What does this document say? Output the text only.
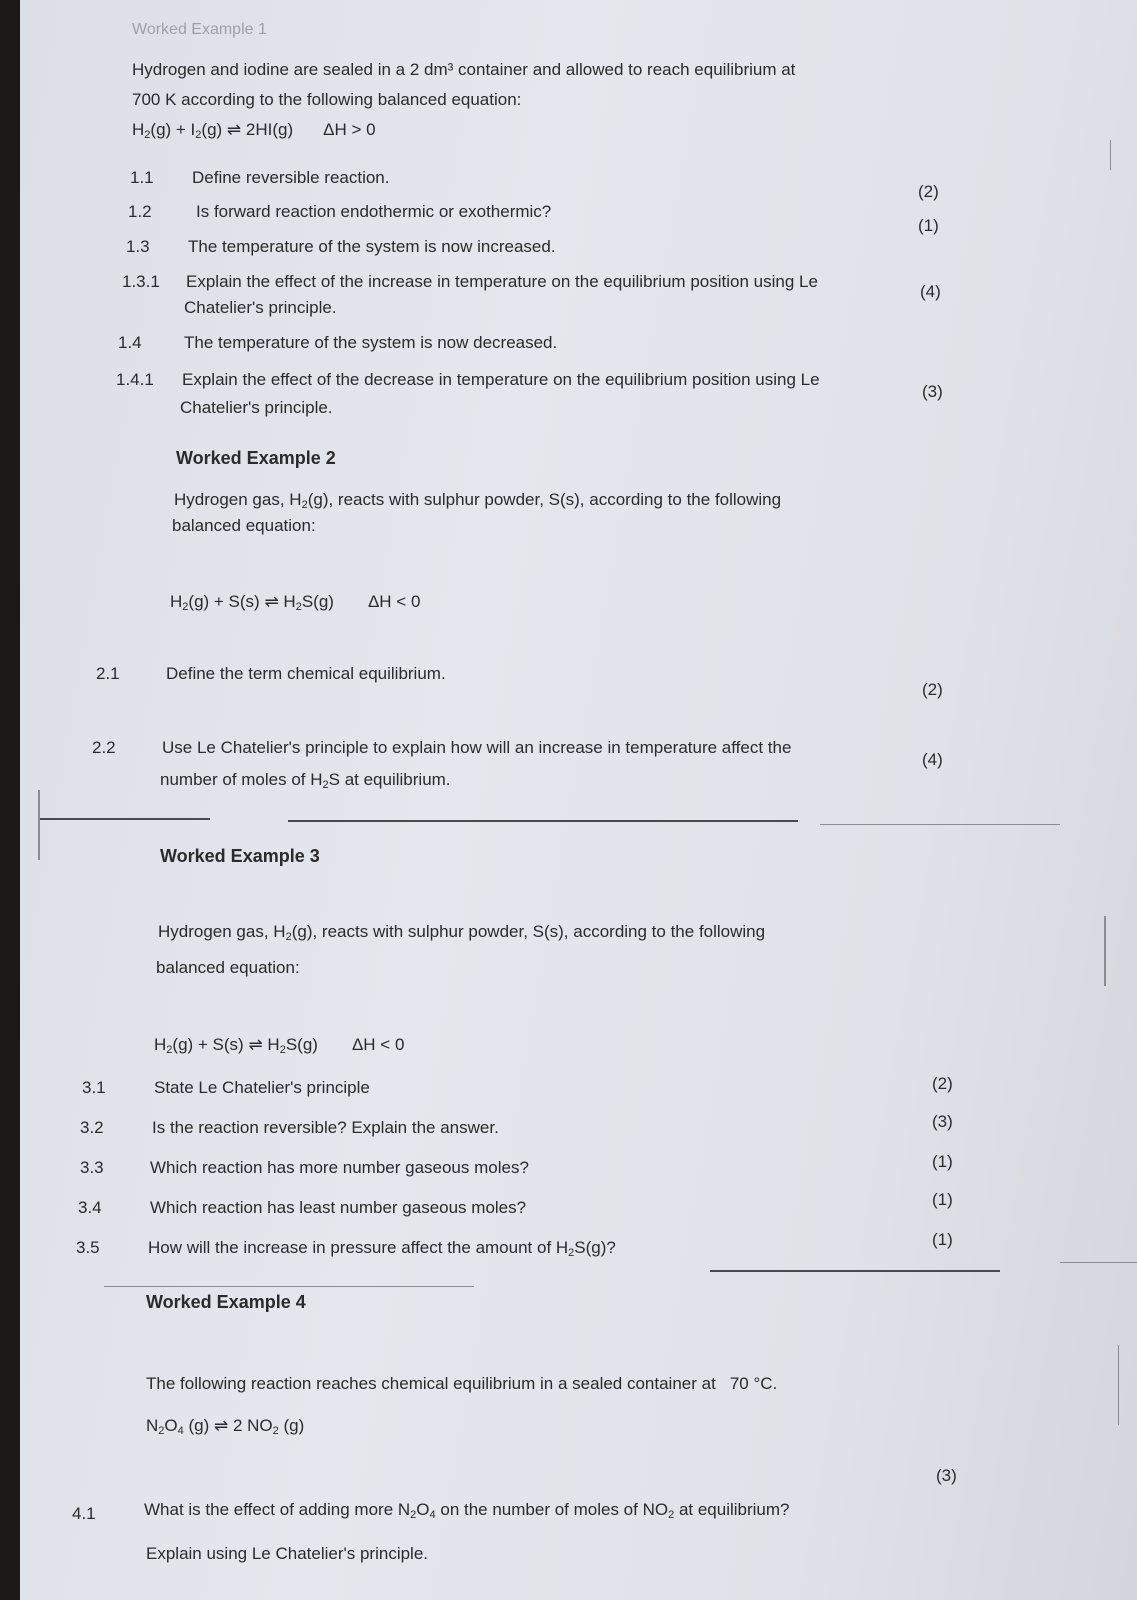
Worked Example 1
Hydrogen and iodine are sealed in a 2 dm³ container and allowed to reach equilibrium at
700 K according to the following balanced equation:
$H_2(g) + I_2(g)$ ⇌ 2HI(g) ΔH > 0
1.1 Define reversible reaction.
(2)
1.2	Is forward reaction endothermic or exothermic?
(1)
1.3 The temperature of the system is now increased.
1.3.1 Explain the effect of the increase in temperature on the equilibrium position using Le
Chatelier's principle.
(4)
1.4 The temperature of the system is now decreased.
1.4.1 Explain the effect of the decrease in temperature on the equilibrium position using Le
Chatelier's principle.
(3)
Worked Example 2
Hydrogen gas, $H_2(g)$, reacts with sulphur powder, S(s), according to the following
balanced equation:
$H_2(g) + S(s)$ ⇌ $H_2S(g) \Delta H < 0$
2.1	Define the term chemical equilibrium.
(2)
2.2	Use Le Chatelier's principle to explain how will an increase in temperature affect the
number of moles of $H_2S$ at equilibrium.
(4)
Worked Example 3
Hydrogen gas, $H_2(g)$, reacts with sulphur powder, S(s), according to the following
balanced equation:
$H_2(g) + S(s)$ ⇌ $H_2S(g) \Delta H < 0$
3.1	State Le Chatelier's principle	(2)
3.2	Is the reaction reversible? Explain the answer.	(3)
3.3	Which reaction has more number gaseous moles?	(1)
3.4	Which reaction has least number gaseous moles?	(1)
3.5	How will the increase in pressure affect the amount of $H_2S(g)$?	(1)
Worked Example 4
The following reaction reaches chemical equilibrium in a sealed container at 70 °C.
$N_2O_4$ (g) ⇌ 2 $NO_2$ (g)
4.1	What is the effect of adding more $N_2O_4$ on the number of moles of $NO_2$ at equilibrium?
Explain using Le Chatelier's principle.
(3)
